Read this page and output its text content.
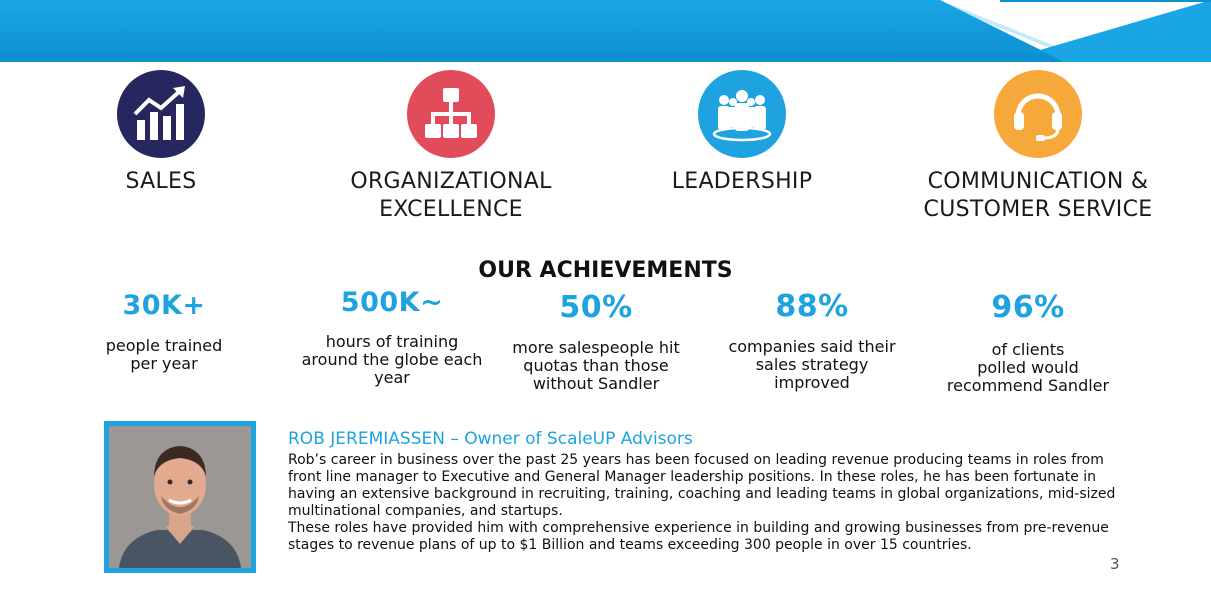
SALES	ORGANIZATIONAL
EXCELLENCE
LEADERSHIP	COMMUNICATION &
CUSTOMER SERVICE
OUR ACHIEVEMENTS
30K+
people trained
per year
500K~
hours of training
around the globe each
year
50%
more salespeople hit
quotas than those
without Sandler
88%
companies said their
sales strategy
improved
96%
of clients
polled would
recommend Sandler
ROB JEREMIASSEN – Owner of ScaleUP Advisors

Rob’s career in business over the past 25 years has been focused on leading revenue producing teams in roles from front line manager to Executive and General Manager leadership positions. In these roles, he has been fortunate in having an extensive background in recruiting, training, coaching and leading teams in global organizations, mid-sized multinational companies, and startups.

These roles have provided him with comprehensive experience in building and growing businesses from pre-revenue stages to revenue plans of up to $1 Billion and teams exceeding 300 people in over 15 countries.

3
